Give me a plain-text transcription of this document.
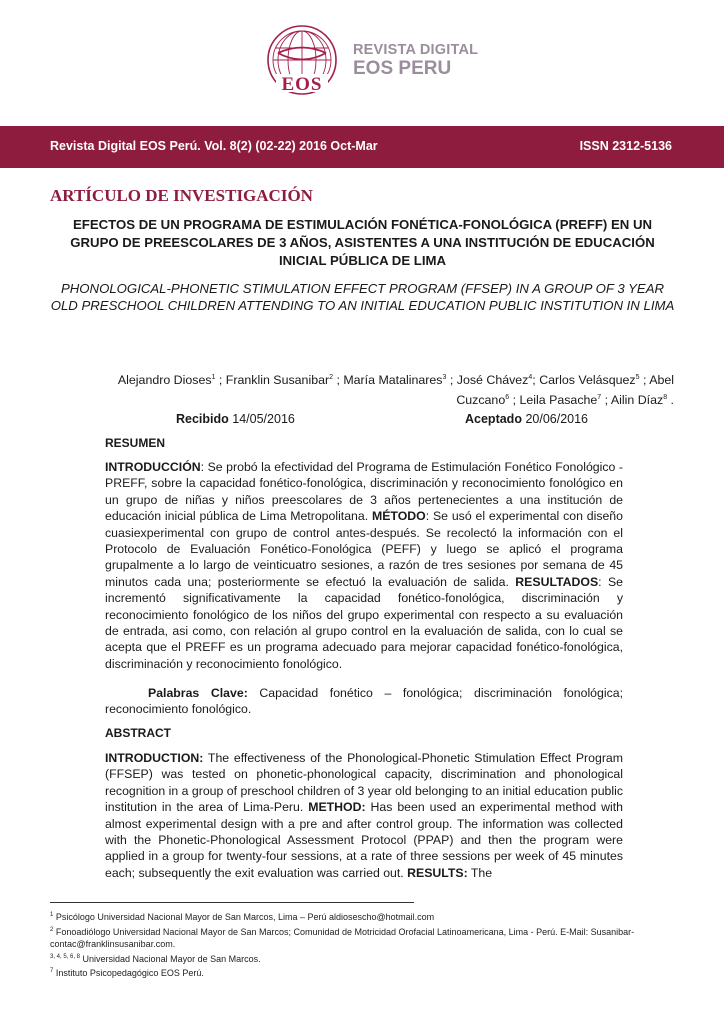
EOS
REVISTA DIGITAL
EOS PERU
Revista Digital EOS Perú. Vol. 8(2) (02-22) 2016 Oct-Mar	ISSN 2312-5136
ARTÍCULO DE INVESTIGACIÓN
EFECTOS DE UN PROGRAMA DE ESTIMULACIÓN FONÉTICA-FONOLÓGICA (PREFF) EN UN GRUPO DE PREESCOLARES DE 3 AÑOS, ASISTENTES A UNA INSTITUCIÓN DE EDUCACIÓN INICIAL PÚBLICA DE LIMA
PHONOLOGICAL-PHONETIC STIMULATION EFFECT PROGRAM (FFSEP) IN A GROUP OF 3 YEAR OLD PRESCHOOL CHILDREN ATTENDING TO AN INITIAL EDUCATION PUBLIC INSTITUTION IN LIMA
Alejandro Dioses$^1$ ; Franklin Susanibar$^2$ ; María Matalinares$^3$ ; José Chávez$^4$; Carlos Velásquez$^5$ ; Abel Cuzcano$^6$ ; Leila Pasache$^7$ ; Ailin Díaz$^8$ .
Recibido 14/05/2016	Aceptado 20/06/2016
RESUMEN

INTRODUCCIÓN: Se probó la efectividad del Programa de Estimulación Fonético Fonológico - PREFF, sobre la capacidad fonético-fonológica, discriminación y reconocimiento fonológico en un grupo de niñas y niños preescolares de 3 años pertenecientes a una institución de educación inicial pública de Lima Metropolitana. MÉTODO: Se usó el experimental con diseño cuasiexperimental con grupo de control antes-después. Se recolectó la información con el Protocolo de Evaluación Fonético-Fonológica (PEFF) y luego se aplicó el programa grupalmente a lo largo de veinticuatro sesiones, a razón de tres sesiones por semana de 45 minutos cada una; posteriormente se efectuó la evaluación de salida. RESULTADOS: Se incrementó significativamente la capacidad fonético-fonológica, discriminación y reconocimiento fonológico de los niños del grupo experimental con respecto a su evaluación de entrada, asi como, con relación al grupo control en la evaluación de salida, con lo cual se acepta que el PREFF es un programa adecuado para mejorar capacidad fonético-fonológica, discriminación y reconocimiento fonológico.

Palabras Clave: Capacidad fonético – fonológica; discriminación fonológica; reconocimiento fonológico.
ABSTRACT

INTRODUCTION: The effectiveness of the Phonological-Phonetic Stimulation Effect Program (FFSEP) was tested on phonetic-phonological capacity, discrimination and phonological recognition in a group of preschool children of 3 year old belonging to an initial education public institution in the area of Lima-Peru. METHOD: Has been used an experimental method with almost experimental design with a pre and after control group. The information was collected with the Phonetic-Phonological Assessment Protocol (PPAP) and then the program were applied in a group for twenty-four sessions, at a rate of three sessions per week of 45 minutes each; subsequently the exit evaluation was carried out. RESULTS: The

$^1$ Psicólogo Universidad Nacional Mayor de San Marcos, Lima – Perú aldiosescho@hotmail.com
$^2$ Fonoadiólogo Universidad Nacional Mayor de San Marcos; Comunidad de Motricidad Orofacial Latinoamericana, Lima - Perú. E-Mail: Susanibar-contac@franklinsusanibar.com.
$^{3, 4, 5, 6, 8}$ Universidad Nacional Mayor de San Marcos.
$^7$ Instituto Psicopedagógico EOS Perú.
